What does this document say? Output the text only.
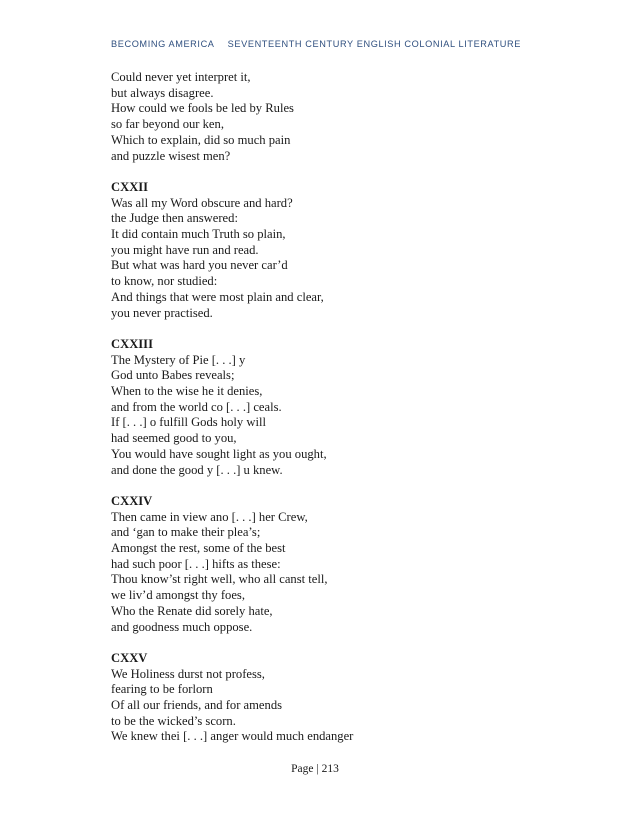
BECOMING AMERICA SEVENTEENTH CENTURY ENGLISH COLONIAL LITERATURE
Could never yet interpret it,
but always disagree.
How could we fools be led by Rules
so far beyond our ken,
Which to explain, did so much pain
and puzzle wisest men?
CXXII
Was all my Word obscure and hard?
the Judge then answered:
It did contain much Truth so plain,
you might have run and read.
But what was hard you never car’d
to know, nor studied:
And things that were most plain and clear,
you never practised.
CXXIII
The Mystery of Pie [. . .] y
God unto Babes reveals;
When to the wise he it denies,
and from the world co [. . .] ceals.
If [. . .] o fulfill Gods holy will
had seemed good to you,
You would have sought light as you ought,
and done the good y [. . .] u knew.
CXXIV
Then came in view ano [. . .] her Crew,
and ‘gan to make their plea’s;
Amongst the rest, some of the best
had such poor [. . .] hifts as these:
Thou know’st right well, who all canst tell,
we liv’d amongst thy foes,
Who the Renate did sorely hate,
and goodness much oppose.
CXXV
We Holiness durst not profess,
fearing to be forlorn
Of all our friends, and for amends
to be the wicked’s scorn.
We knew thei [. . .] anger would much endanger
Page | 213
